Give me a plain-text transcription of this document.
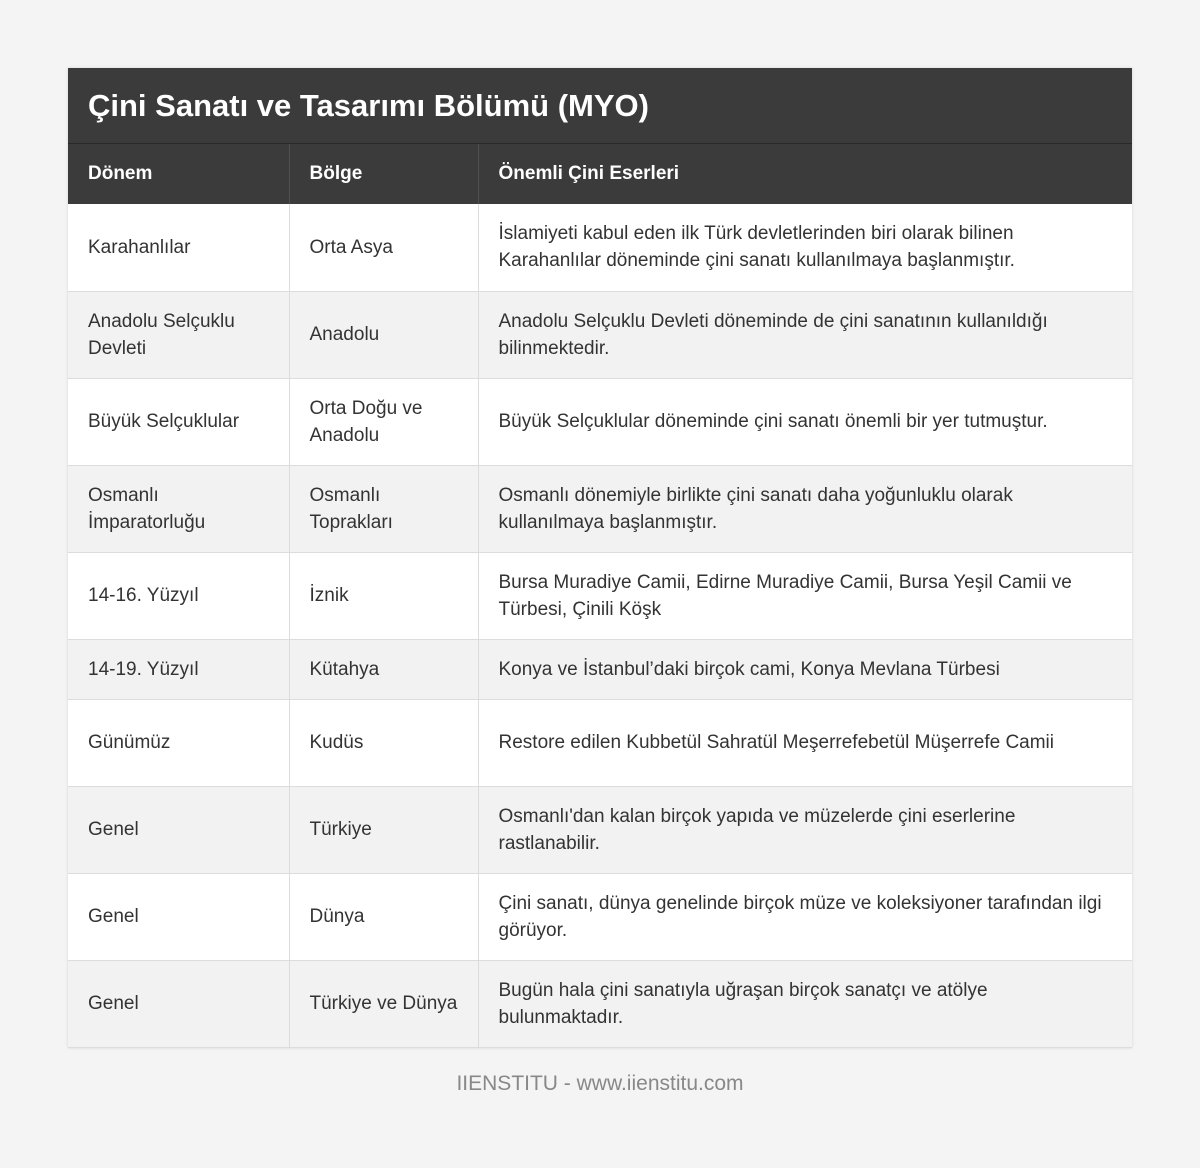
Çini Sanatı ve Tasarımı Bölümü (MYO)
Dönem	Bölge	Önemli Çini Eserleri
Karahanlılar	Orta Asya	İslamiyeti kabul eden ilk Türk devletlerinden biri olarak bilinen Karahanlılar döneminde çini sanatı kullanılmaya başlanmıştır.
Anadolu Selçuklu Devleti	Anadolu	Anadolu Selçuklu Devleti döneminde de çini sanatının kullanıldığı bilinmektedir.
Büyük Selçuklular	Orta Doğu ve Anadolu	Büyük Selçuklular döneminde çini sanatı önemli bir yer tutmuştur.
Osmanlı İmparatorluğu	Osmanlı Toprakları	Osmanlı dönemiyle birlikte çini sanatı daha yoğunluklu olarak kullanılmaya başlanmıştır.
14-16. Yüzyıl	İznik	Bursa Muradiye Camii, Edirne Muradiye Camii, Bursa Yeşil Camii ve Türbesi, Çinili Köşk
14-19. Yüzyıl	Kütahya	Konya ve İstanbul’daki birçok cami, Konya Mevlana Türbesi
Günümüz	Kudüs	Restore edilen Kubbetül Sahratül Meşerrefebetül Müşerrefe Camii
Genel	Türkiye	Osmanlı'dan kalan birçok yapıda ve müzelerde çini eserlerine rastlanabilir.
Genel	Dünya	Çini sanatı, dünya genelinde birçok müze ve koleksiyoner tarafından ilgi görüyor.
Genel	Türkiye ve Dünya	Bugün hala çini sanatıyla uğraşan birçok sanatçı ve atölye bulunmaktadır.
IIENSTITU - www.iienstitu.com
